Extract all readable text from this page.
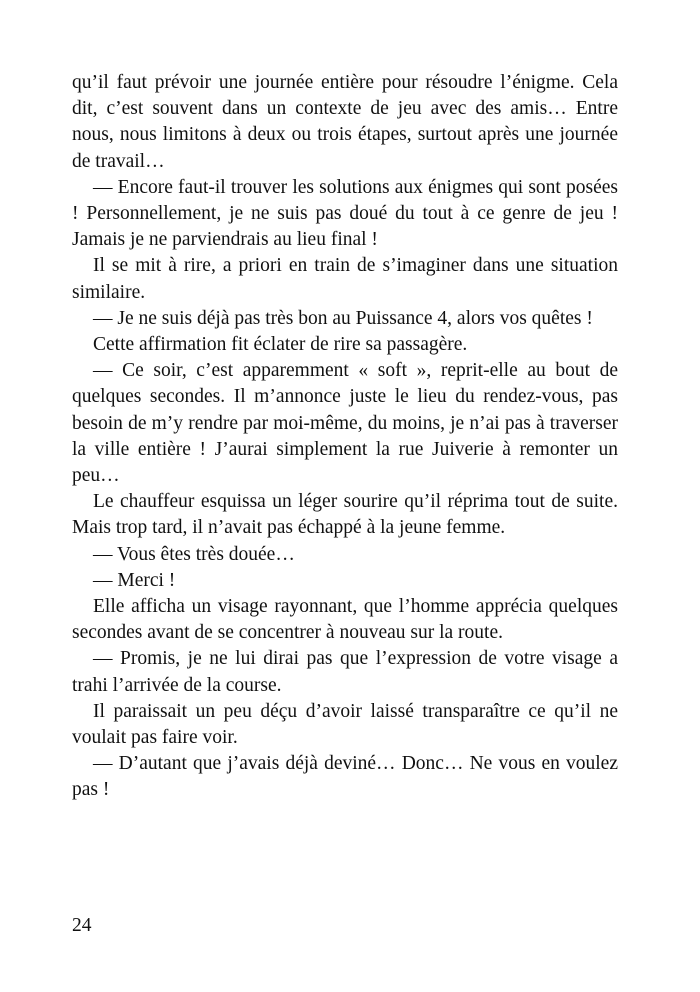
qu’il faut prévoir une journée entière pour résoudre l’énigme. Cela dit, c’est souvent dans un contexte de jeu avec des amis… Entre nous, nous limitons à deux ou trois étapes, surtout après une journée de travail…

— Encore faut-il trouver les solutions aux énigmes qui sont posées ! Personnellement, je ne suis pas doué du tout à ce genre de jeu ! Jamais je ne parviendrais au lieu final !

Il se mit à rire, a priori en train de s’imaginer dans une situation similaire.

— Je ne suis déjà pas très bon au Puissance 4, alors vos quêtes !

Cette affirmation fit éclater de rire sa passagère.

— Ce soir, c’est apparemment « soft », reprit-elle au bout de quelques secondes. Il m’annonce juste le lieu du rendez-vous, pas besoin de m’y rendre par moi-même, du moins, je n’ai pas à traverser la ville entière ! J’aurai simplement la rue Juiverie à remonter un peu…

Le chauffeur esquissa un léger sourire qu’il réprima tout de suite. Mais trop tard, il n’avait pas échappé à la jeune femme.

— Vous êtes très douée…

— Merci !

Elle afficha un visage rayonnant, que l’homme apprécia quelques secondes avant de se concentrer à nouveau sur la route.

— Promis, je ne lui dirai pas que l’expression de votre visage a trahi l’arrivée de la course.

Il paraissait un peu déçu d’avoir laissé transparaître ce qu’il ne voulait pas faire voir.

— D’autant que j’avais déjà deviné… Donc… Ne vous en voulez pas !

24
